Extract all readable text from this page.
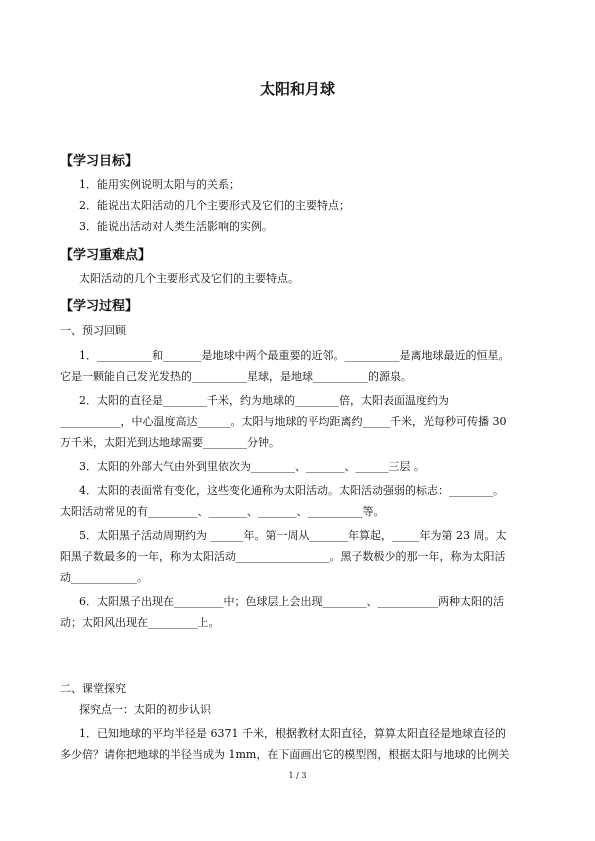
太阳和月球
【学习目标】
1．能用实例说明太阳与的关系；
2．能说出太阳活动的几个主要形式及它们的主要特点；
3．能说出活动对人类生活影响的实例。
【学习重难点】
太阳活动的几个主要形式及它们的主要特点。
【学习过程】
一、预习回顾
1．__________和_______是地球中两个最重要的近邻。__________是离地球最近的恒星。
它是一颗能自己发光发热的__________星球，是地球__________的源泉。
2．太阳的直径是________千米，约为地球的________倍，太阳表面温度约为
___________，中心温度高达______。太阳与地球的平均距离约_____千米，光每秒可传播 30
万千米，太阳光到达地球需要________分钟。
3．太阳的外部大气由外到里依次为________、_______、______三层 。
4．太阳的表面常有变化，这些变化通称为太阳活动。太阳活动强弱的标志：________。
太阳活动常见的有_________、_______、_______、__________等。
5．太阳黑子活动周期约为 ______年。第一周从_______年算起，_____年为第 23 周。太
阳黑子数最多的一年，称为太阳活动_________________。黑子数极少的那一年，称为太阳活
动____________。
6．太阳黑子出现在_________中；色球层上会出现________、___________两种太阳的活
动；太阳风出现在_________上。
二、课堂探究
探究点一：太阳的初步认识
1．已知地球的平均半径是 6371 千米，根据教材太阳直径，算算太阳直径是地球直径的
多少倍？请你把地球的半径当成为 1mm，在下面画出它的模型图，根据太阳与地球的比例关
1 / 3
